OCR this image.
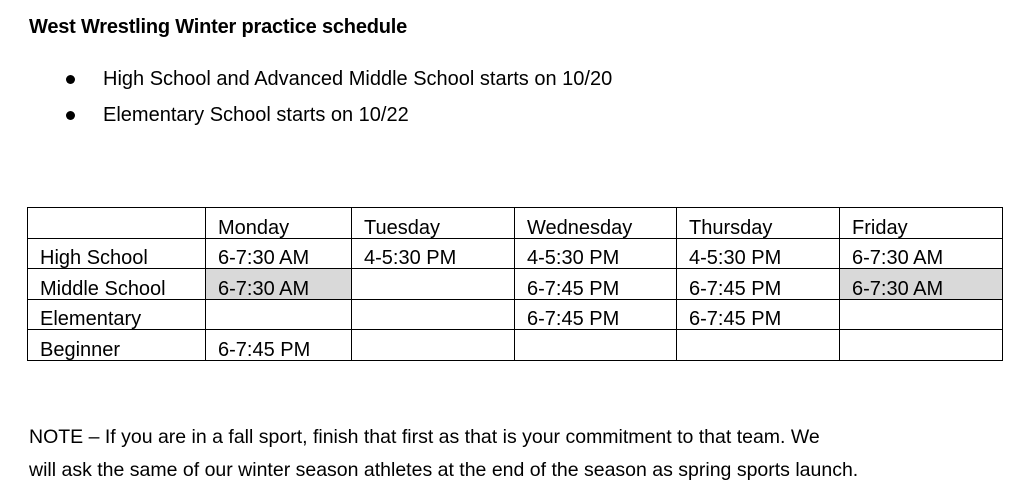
West Wrestling Winter practice schedule
High School and Advanced Middle School starts on 10/20
Elementary School starts on 10/22
	Monday	Tuesday	Wednesday	Thursday	Friday
High School	6-7:30 AM	4-5:30 PM	4-5:30 PM	4-5:30 PM	6-7:30 AM
Middle School	6-7:30 AM		6-7:45 PM	6-7:45 PM	6-7:30 AM
Elementary			6-7:45 PM	6-7:45 PM	
Beginner	6-7:45 PM				

NOTE – If you are in a fall sport, finish that first as that is your commitment to that team. We
will ask the same of our winter season athletes at the end of the season as spring sports launch.
